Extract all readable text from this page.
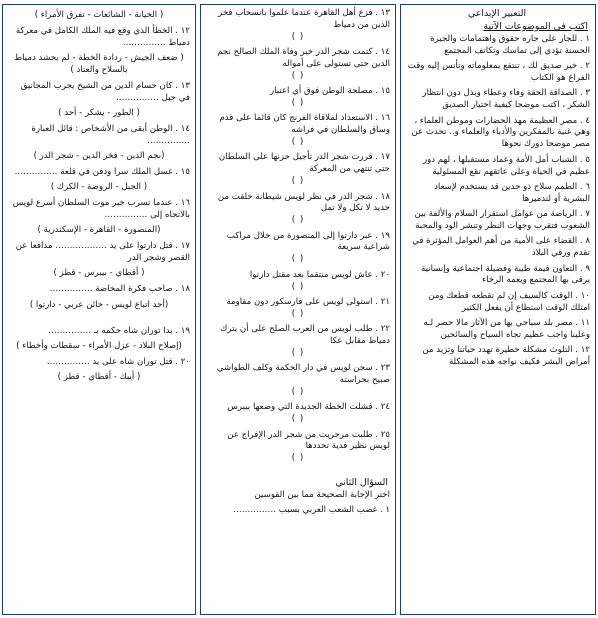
التعبير الإبداعي
اكتب في الموضوعات الآتية
١ . للجار على جاره حقوق واهتمامات والجيرة الحسنة تؤدي إلى تماسك وتكاتف المجتمع
٢ . خير صديق لك ، تنتفع بمعلوماته وتأنس إليه وقت الفراغ هو الكتاب
٣ . الصداقة الحقة وفاء وعطاء وبذل دون انتظار الشكر ، اكتب موضحا كيفية اختيار الصديق
٤ . مصر العظيمة مهد الحضارات وموطن العلماء ، وهي غنية بالمفكرين والأدباء والعلماء و.. تحدث عن مصر موضحا دورك نحوها
٥ . الشباب أمل الأمة وعماد مستقبلها ، لهم دور عظيم في الحياة وعلى عاتقهم تقع المسئولية
٦ . الطمم سلاح ذو حدين قد يستخدم لإسعاد البشرية أو لتدميرها
٧ . الرياضة من عوامل استقرار السلام والألفة بين الشعوب فتقرب وجهات النظر وتنشر الود والمحبة
٨ . القضاء على الأمية من أهم العوامل المؤثرة في تقدم ورقي البلاد
٩ . التعاون قيمة طيبة وفضيلة اجتماعية وإنسانية يرقى بها المجتمع ويعمه الرخاء
١٠ . الوقت كالسيف إن لم تقطعه قطعك ومن امتلك الوقت استطاع أن يفعل الكثير
١١ . مصر بلد سياحي بها من الآثار مالا حصر لـه وعلينا واجب عظيم تجاه السياح والسائحين
١٢ . التلوث مشكلة خطيرة تهدد حياتنا وتزيد من أمراض البشر فكيف نواجه هذه المشكلة
١٣ . فزع أهل القاهرة عندما علموا بانسحاب فخر الدين من دمياط
( )
١٤ . كتمت شجر الدر خبر وفاة الملك الصالح نجم الدين حتى تستولى على أمواله
( )
١٥ . مصلحة الوطن فوق أي اعتبار
( )
١٦ . الاستعداد لملاقاة الفرنج كان قائما على قدم وساق والسلطان في فراشه
( )
١٧ . قررت شجر الدر تأجيل حزنها على السلطان حتى تنتهي من المعركة
( )
١٨ . شجر الدر في نظر لويس شيطانة خلقت من حديد لا تكل ولا تمل
( )
١٩ . عبر دارتوا إلى المنصورة من خلال مراكب شراعية سريعة
( )
٢٠ . عاش لويس منتقما بعد مقتل دارتوا
( )
٢١ . استولى لويس على فارسكور دون مقاومة
( )
٢٢ . طلب لويس من العرب الصلح على أن يترك دمياط مقابل عكا
( )
٢٣ . سجن لويس في دار الحكمة وكلف الطواشي صبيح بحراسته
( )
٢٤ . فشلت الخطة الجديدة التي وضعها بيبرس
( )
٢٥ . طلبت مرجريت من شجر الدر الإفراج عن لويس نظير فدية تحددها
( )
السؤال الثاني
اختر الإجابة الصحيحة مما بين القوسين
١ . غضب الشعب العربي بسبب ……………
( الخيانة - الشائعات - تفرق الأمراء )
١٢ . الخطأ الذي وقع فيه الملك الكامل في معركة دمياط ……………
( ضعف الجيش - ردادة الخطة - لم يحشد دمياط بالسلاح والعتاد )
١٣ . كان حسام الدين من الشيخ يجرب المجانيق في جبل ……………
( الطور - يشكر - أحد )
١٤ . الوطن أبقى من الأشخاص : قائل العبارة ……………
(نجم الدين - فخر الدين - شجر الدر )
١٥ . غسل الملك سرا ودفن في قلعة ……………
( الجبل - الروضة - الكرك )
١٦ . عندما تسرب خبر موت السلطان أسرع لويس بالاتجاه إلى ……………
(المنصورة - القاهرة - الإسكندرية )
١٧ . قتل دارتوا على يد ……………… مدافعا عن القصر وشجر الدر
( أقطاي - بيبرس - قطز )
١٨ . صاحب فكرة المخاضة ……………
(أحد اتباع لويس - خائن عربي - دارتوا )
١٩ . بدا توران شاه حكمه بـ ……………
(إصلاح البلاد - عزل الأمراء - سقطات وأخطاء )
٢٠ . قتل توران شاه على يد ……………
( أيبك - أقطاي - قطز )
